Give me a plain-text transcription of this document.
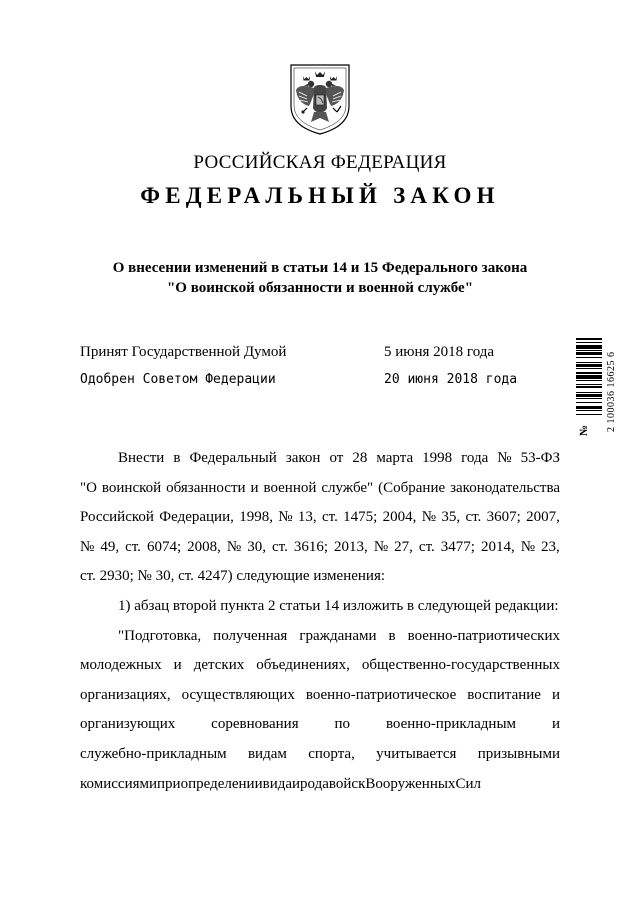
РОССИЙСКАЯ ФЕДЕРАЦИЯ
ФЕДЕРАЛЬНЫЙ ЗАКОН
О внесении изменений в статьи 14 и 15 Федерального закона
"О воинской обязанности и военной службе"
Принят Государственной Думой	5 июня 2018 года
Одобрен Советом Федерации	20 июня 2018 года	2 100036 16625 6
№
Внести в Федеральный закон от 28 марта 1998 года № 53-ФЗ
"О воинской обязанности и военной службе" (Собрание законодательства
Российской Федерации, 1998, № 13, ст. 1475; 2004, № 35, ст. 3607; 2007,
№ 49, ст. 6074; 2008, № 30, ст. 3616; 2013, № 27, ст. 3477; 2014, № 23,
ст. 2930; № 30, ст. 4247) следующие изменения:
1) абзац второй пункта 2 статьи 14 изложить в следующей редакции:
"Подготовка, полученная гражданами в военно-патриотических
молодежных и детских объединениях, общественно-государственных
организациях, осуществляющих военно-патриотическое воспитание и
организующих соревнования по военно-прикладным и
служебно-прикладным видам спорта, учитывается призывными
комиссиями при определении вида и рода войск Вооруженных Сил
